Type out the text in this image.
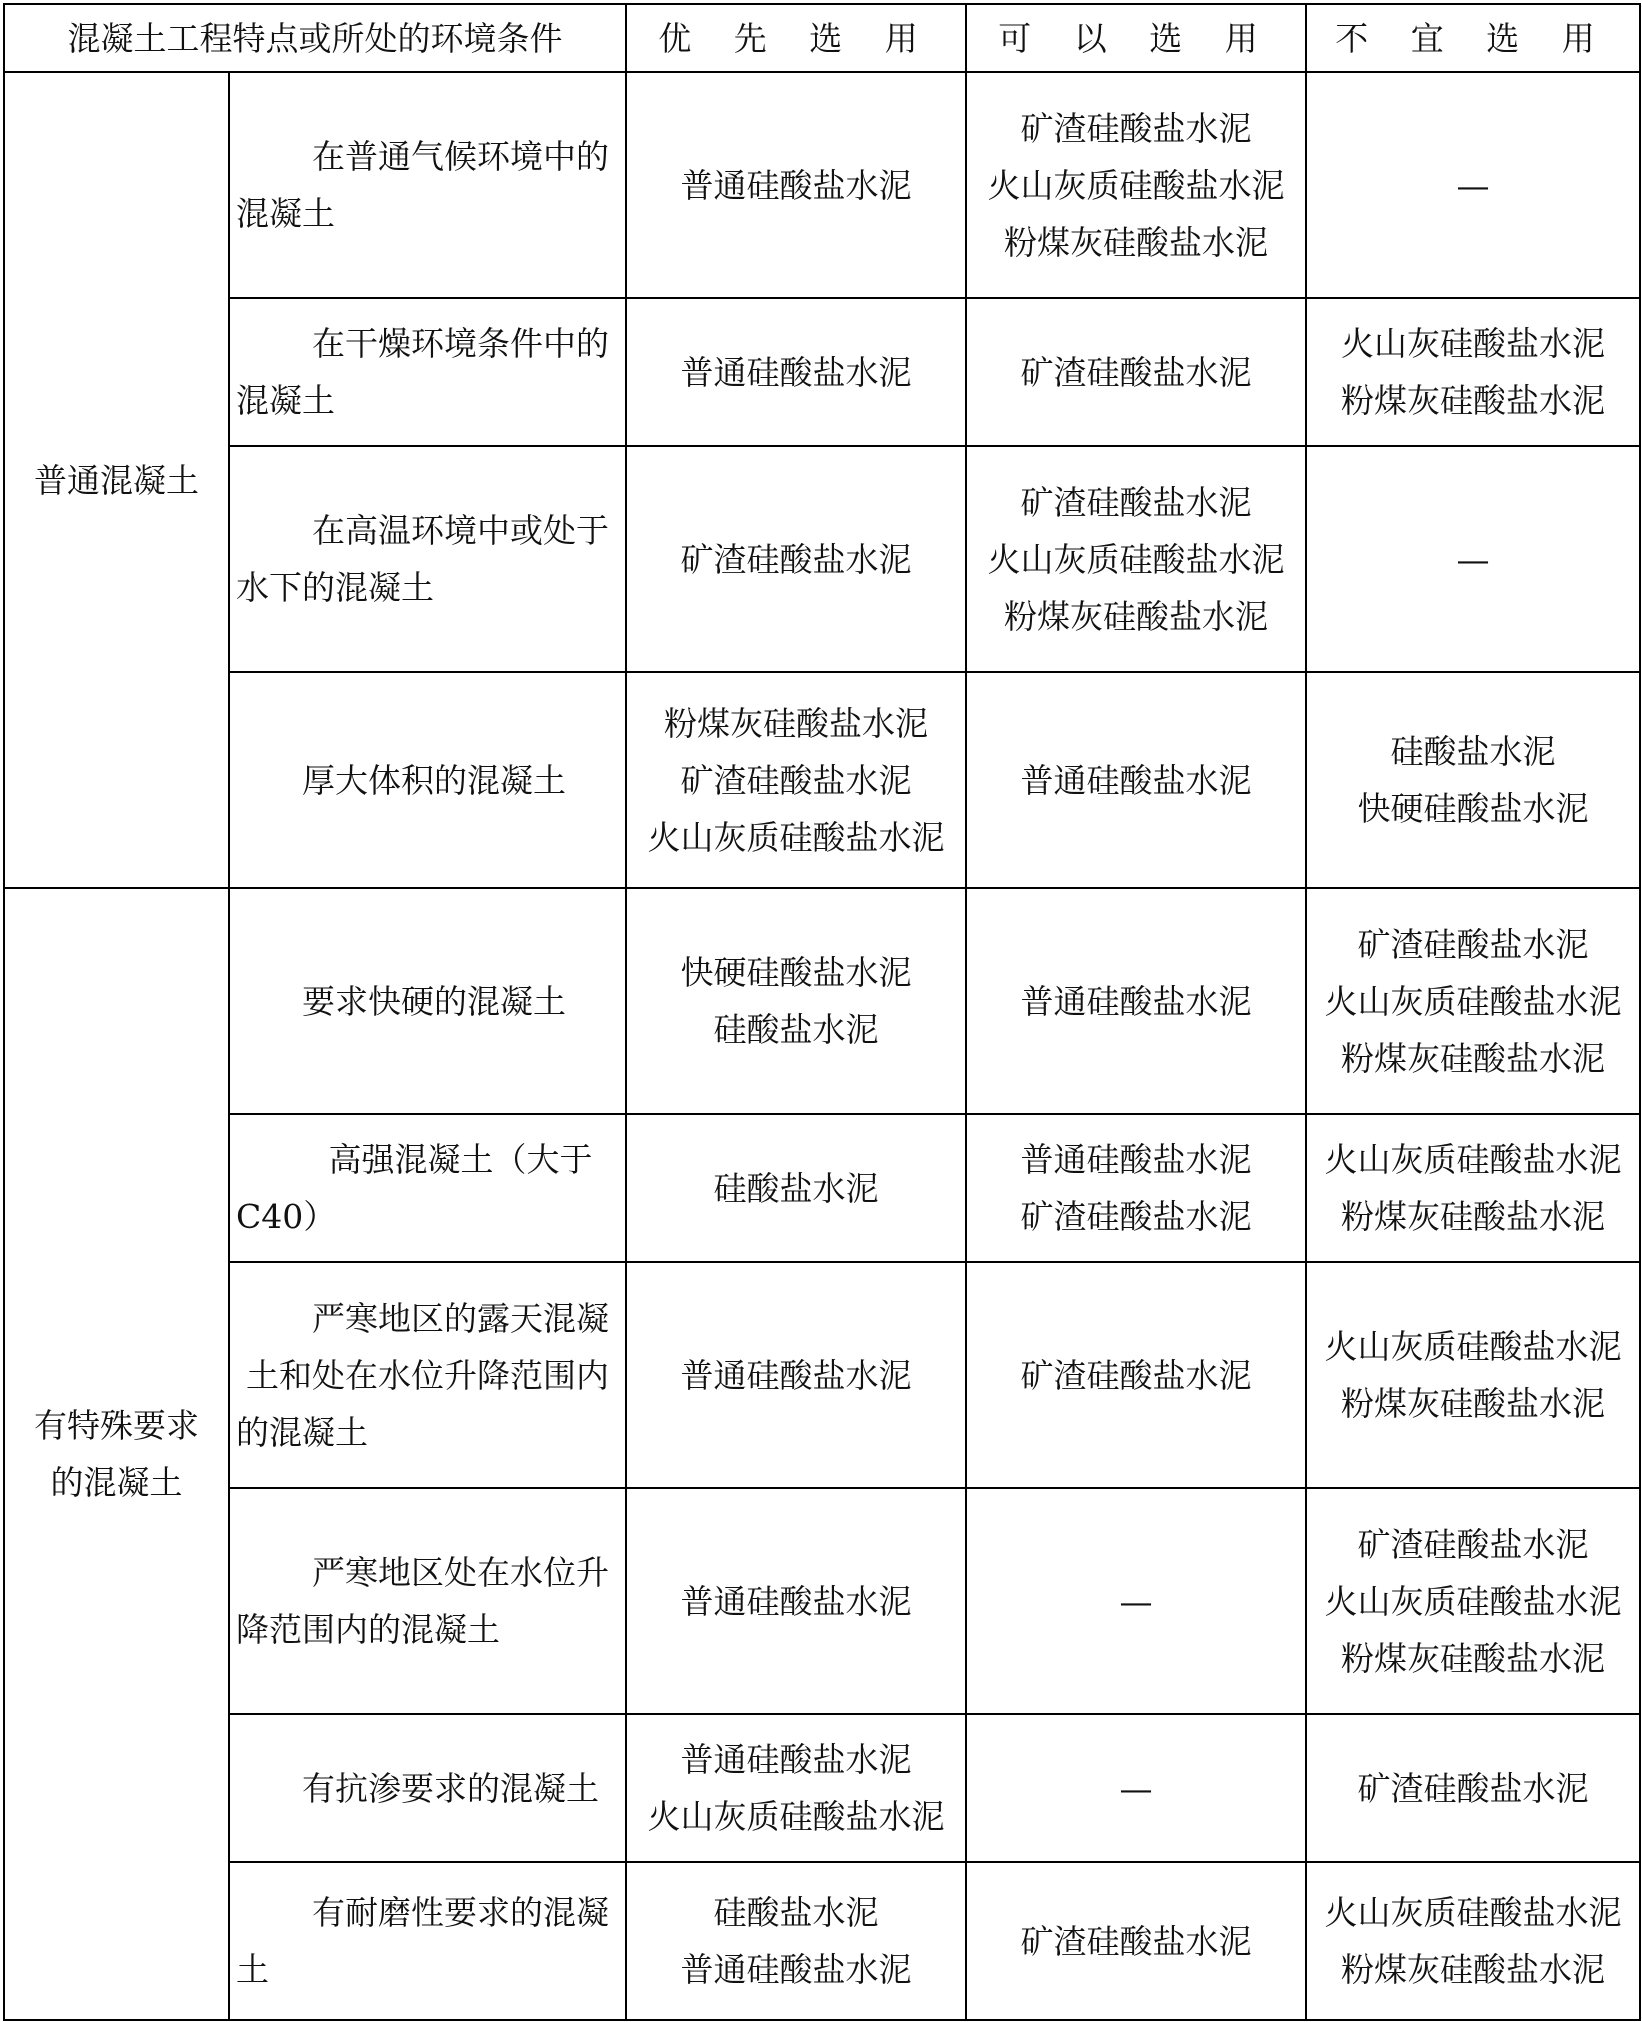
混凝土工程特点或所处的环境条件		优 先 选 用	可 以 选 用	不 宜 选 用

普通混凝土	在普通气候环境中的混凝土	普通硅酸盐水泥	矿渣硅酸盐水泥
火山灰质硅酸盐水泥
粉煤灰硅酸盐水泥	—

	在干燥环境条件中的混凝土	普通硅酸盐水泥	矿渣硅酸盐水泥	火山灰硅酸盐水泥
粉煤灰硅酸盐水泥

	在高温环境中或处于水下的混凝土	矿渣硅酸盐水泥	矿渣硅酸盐水泥
火山灰质硅酸盐水泥
粉煤灰硅酸盐水泥	—

	厚大体积的混凝土	粉煤灰硅酸盐水泥
矿渣硅酸盐水泥
火山灰质硅酸盐水泥	普通硅酸盐水泥	硅酸盐水泥
快硬硅酸盐水泥

有特殊要求
的混凝土	要求快硬的混凝土	快硬硅酸盐水泥
硅酸盐水泥	普通硅酸盐水泥	矿渣硅酸盐水泥
火山灰质硅酸盐水泥
粉煤灰硅酸盐水泥

	高强混凝土（大于C40）	硅酸盐水泥	普通硅酸盐水泥
矿渣硅酸盐水泥	火山灰质硅酸盐水泥
粉煤灰硅酸盐水泥

	严寒地区的露天混凝土和处在水位升降范围内的混凝土	普通硅酸盐水泥	矿渣硅酸盐水泥	火山灰质硅酸盐水泥
粉煤灰硅酸盐水泥

	严寒地区处在水位升降范围内的混凝土	普通硅酸盐水泥	—	矿渣硅酸盐水泥
火山灰质硅酸盐水泥
粉煤灰硅酸盐水泥

	有抗渗要求的混凝土	普通硅酸盐水泥
火山灰质硅酸盐水泥	—	矿渣硅酸盐水泥

	有耐磨性要求的混凝土	硅酸盐水泥
普通硅酸盐水泥	矿渣硅酸盐水泥	火山灰质硅酸盐水泥
粉煤灰硅酸盐水泥
